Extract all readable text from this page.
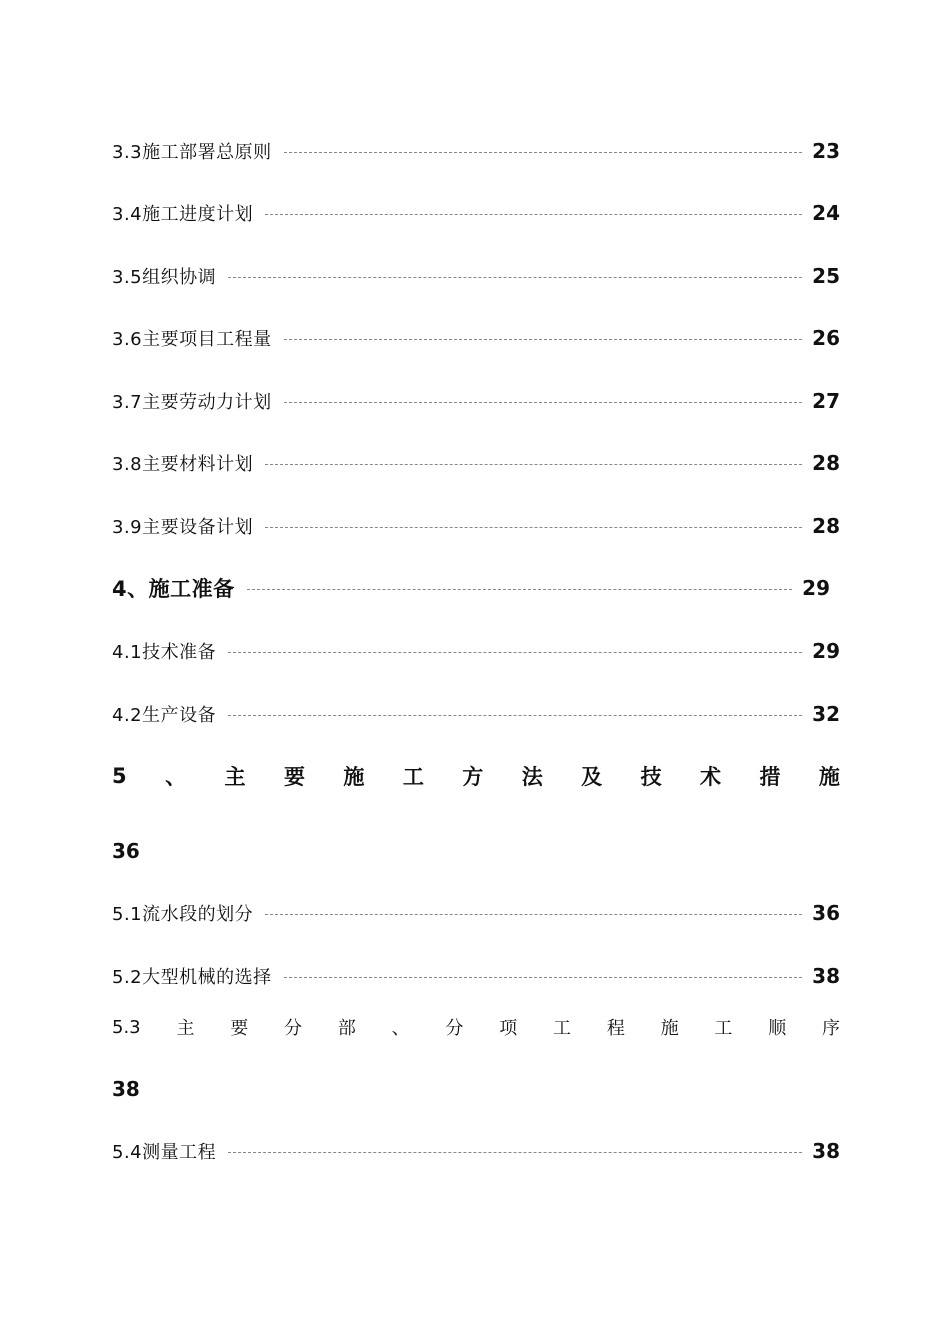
3.3施工部署总原则	23
3.4施工进度计划	24
3.5组织协调	25
3.6主要项目工程量	26
3.7主要劳动力计划	27
3.8主要材料计划	28
3.9主要设备计划	28
4、施工准备	29
4.1技术准备	29
4.2生产设备	32
5 、 主 要 施 工 方 法 及 技 术 措 施
36
5.1流水段的划分	36
5.2大型机械的选择	38
5.3 主 要 分 部 、 分 项 工 程 施 工 顺 序
38
5.4测量工程	38
